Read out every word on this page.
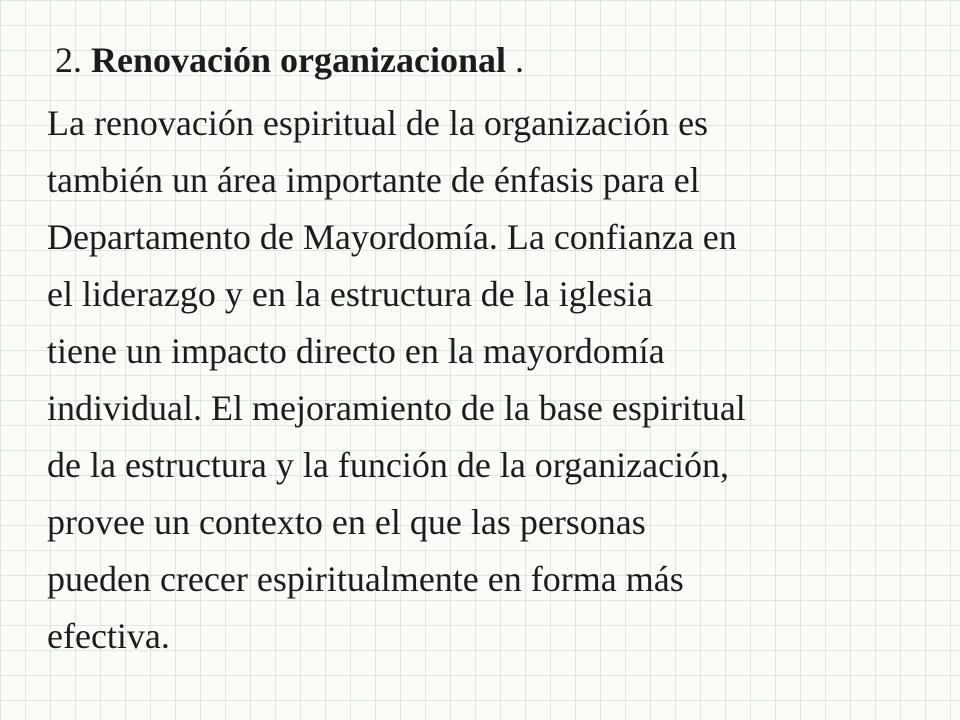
2. Renovación organizacional .
La renovación espiritual de la organización es
también un área importante de énfasis para el
Departamento de Mayordomía. La confianza en
el liderazgo y en la estructura de la iglesia
tiene un impacto directo en la mayordomía
individual. El mejoramiento de la base espiritual
de la estructura y la función de la organización,
provee un contexto en el que las personas
pueden crecer espiritualmente en forma más
efectiva.
